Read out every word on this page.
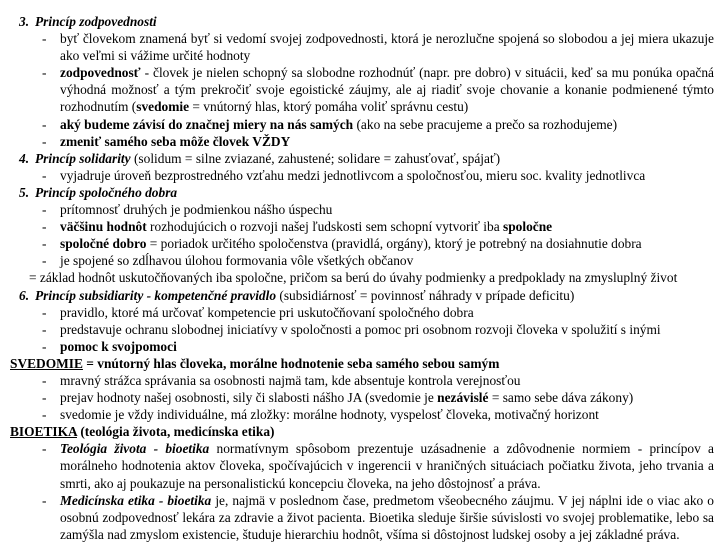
3. Princíp zodpovednosti
-	byť človekom znamená byť si vedomí svojej zodpovednosti, ktorá je nerozlučne spojená so slobodou a jej miera ukazuje ako veľmi si vážime určité hodnoty
-	zodpovednosť - človek je nielen schopný sa slobodne rozhodnúť (napr. pre dobro) v situácii, keď sa mu ponúka opačná výhodná možnosť a tým prekročiť svoje egoistické záujmy, ale aj riadiť svoje chovanie a konanie podmienené týmto rozhodnutím (svedomie = vnútorný hlas, ktorý pomáha voliť správnu cestu)
-	aký budeme závisí do značnej miery na nás samých (ako na sebe pracujeme a prečo sa rozhodujeme)
-	zmeniť samého seba môže človek VŽDY
4. Princíp solidarity (solidum = silne zviazané, zahustené; solidare = zahusťovať, spájať)
-	vyjadruje úroveň bezprostredného vzťahu medzi jednotlivcom a spoločnosťou, mieru soc. kvality jednotlivca
5. Princíp spoločného dobra
-	prítomnosť druhých je podmienkou nášho úspechu
-	väčšinu hodnôt rozhodujúcich o rozvoji našej ľudskosti sem schopní vytvoriť iba spoločne
-	spoločné dobro = poriadok určitého spoločenstva (pravidlá, orgány), ktorý je potrebný na dosiahnutie dobra
-	je spojené so zdĺhavou úlohou formovania vôle všetkých občanov
= základ hodnôt uskutočňovaných iba spoločne, pričom sa berú do úvahy podmienky a predpoklady na zmysluplný život
6. Princíp subsidiarity - kompetenčné pravidlo (subsidiárnosť = povinnosť náhrady v prípade deficitu)
-	pravidlo, ktoré má určovať kompetencie pri uskutočňovaní spoločného dobra
-	predstavuje ochranu slobodnej iniciatívy v spoločnosti a pomoc pri osobnom rozvoji človeka v spolužití s inými
-	pomoc k svojpomoci
SVEDOMIE = vnútorný hlas človeka, morálne hodnotenie seba samého sebou samým
-	mravný strážca správania sa osobnosti najmä tam, kde absentuje kontrola verejnosťou
-	prejav hodnoty našej osobnosti, sily či slabosti nášho JA (svedomie je nezávislé = samo sebe dáva zákony)
-	svedomie je vždy individuálne, má zložky: morálne hodnoty, vyspelosť človeka, motivačný horizont
BIOETIKA (teológia života, medicínska etika)
-	Teológia života - bioetika normatívnym spôsobom prezentuje uzásadnenie a zdôvodnenie normiem - princípov a morálneho hodnotenia aktov človeka, spočívajúcich v ingerencii v hraničných situáciach počiatku života, jeho trvania a smrti, ako aj poukazuje na personalistickú koncepciu človeka, na jeho dôstojnosť a práva.
-	Medicínska etika - bioetika je, najmä v poslednom čase, predmetom všeobecného záujmu. V jej náplni ide o viac ako o osobnú zodpovednosť lekára za zdravie a život pacienta. Bioetika sleduje širšie súvislosti vo svojej problematike, lebo sa zamýšla nad zmyslom existencie, študuje hierarchiu hodnôt, všíma si dôstojnost ludskej osoby a jej základné práva.
